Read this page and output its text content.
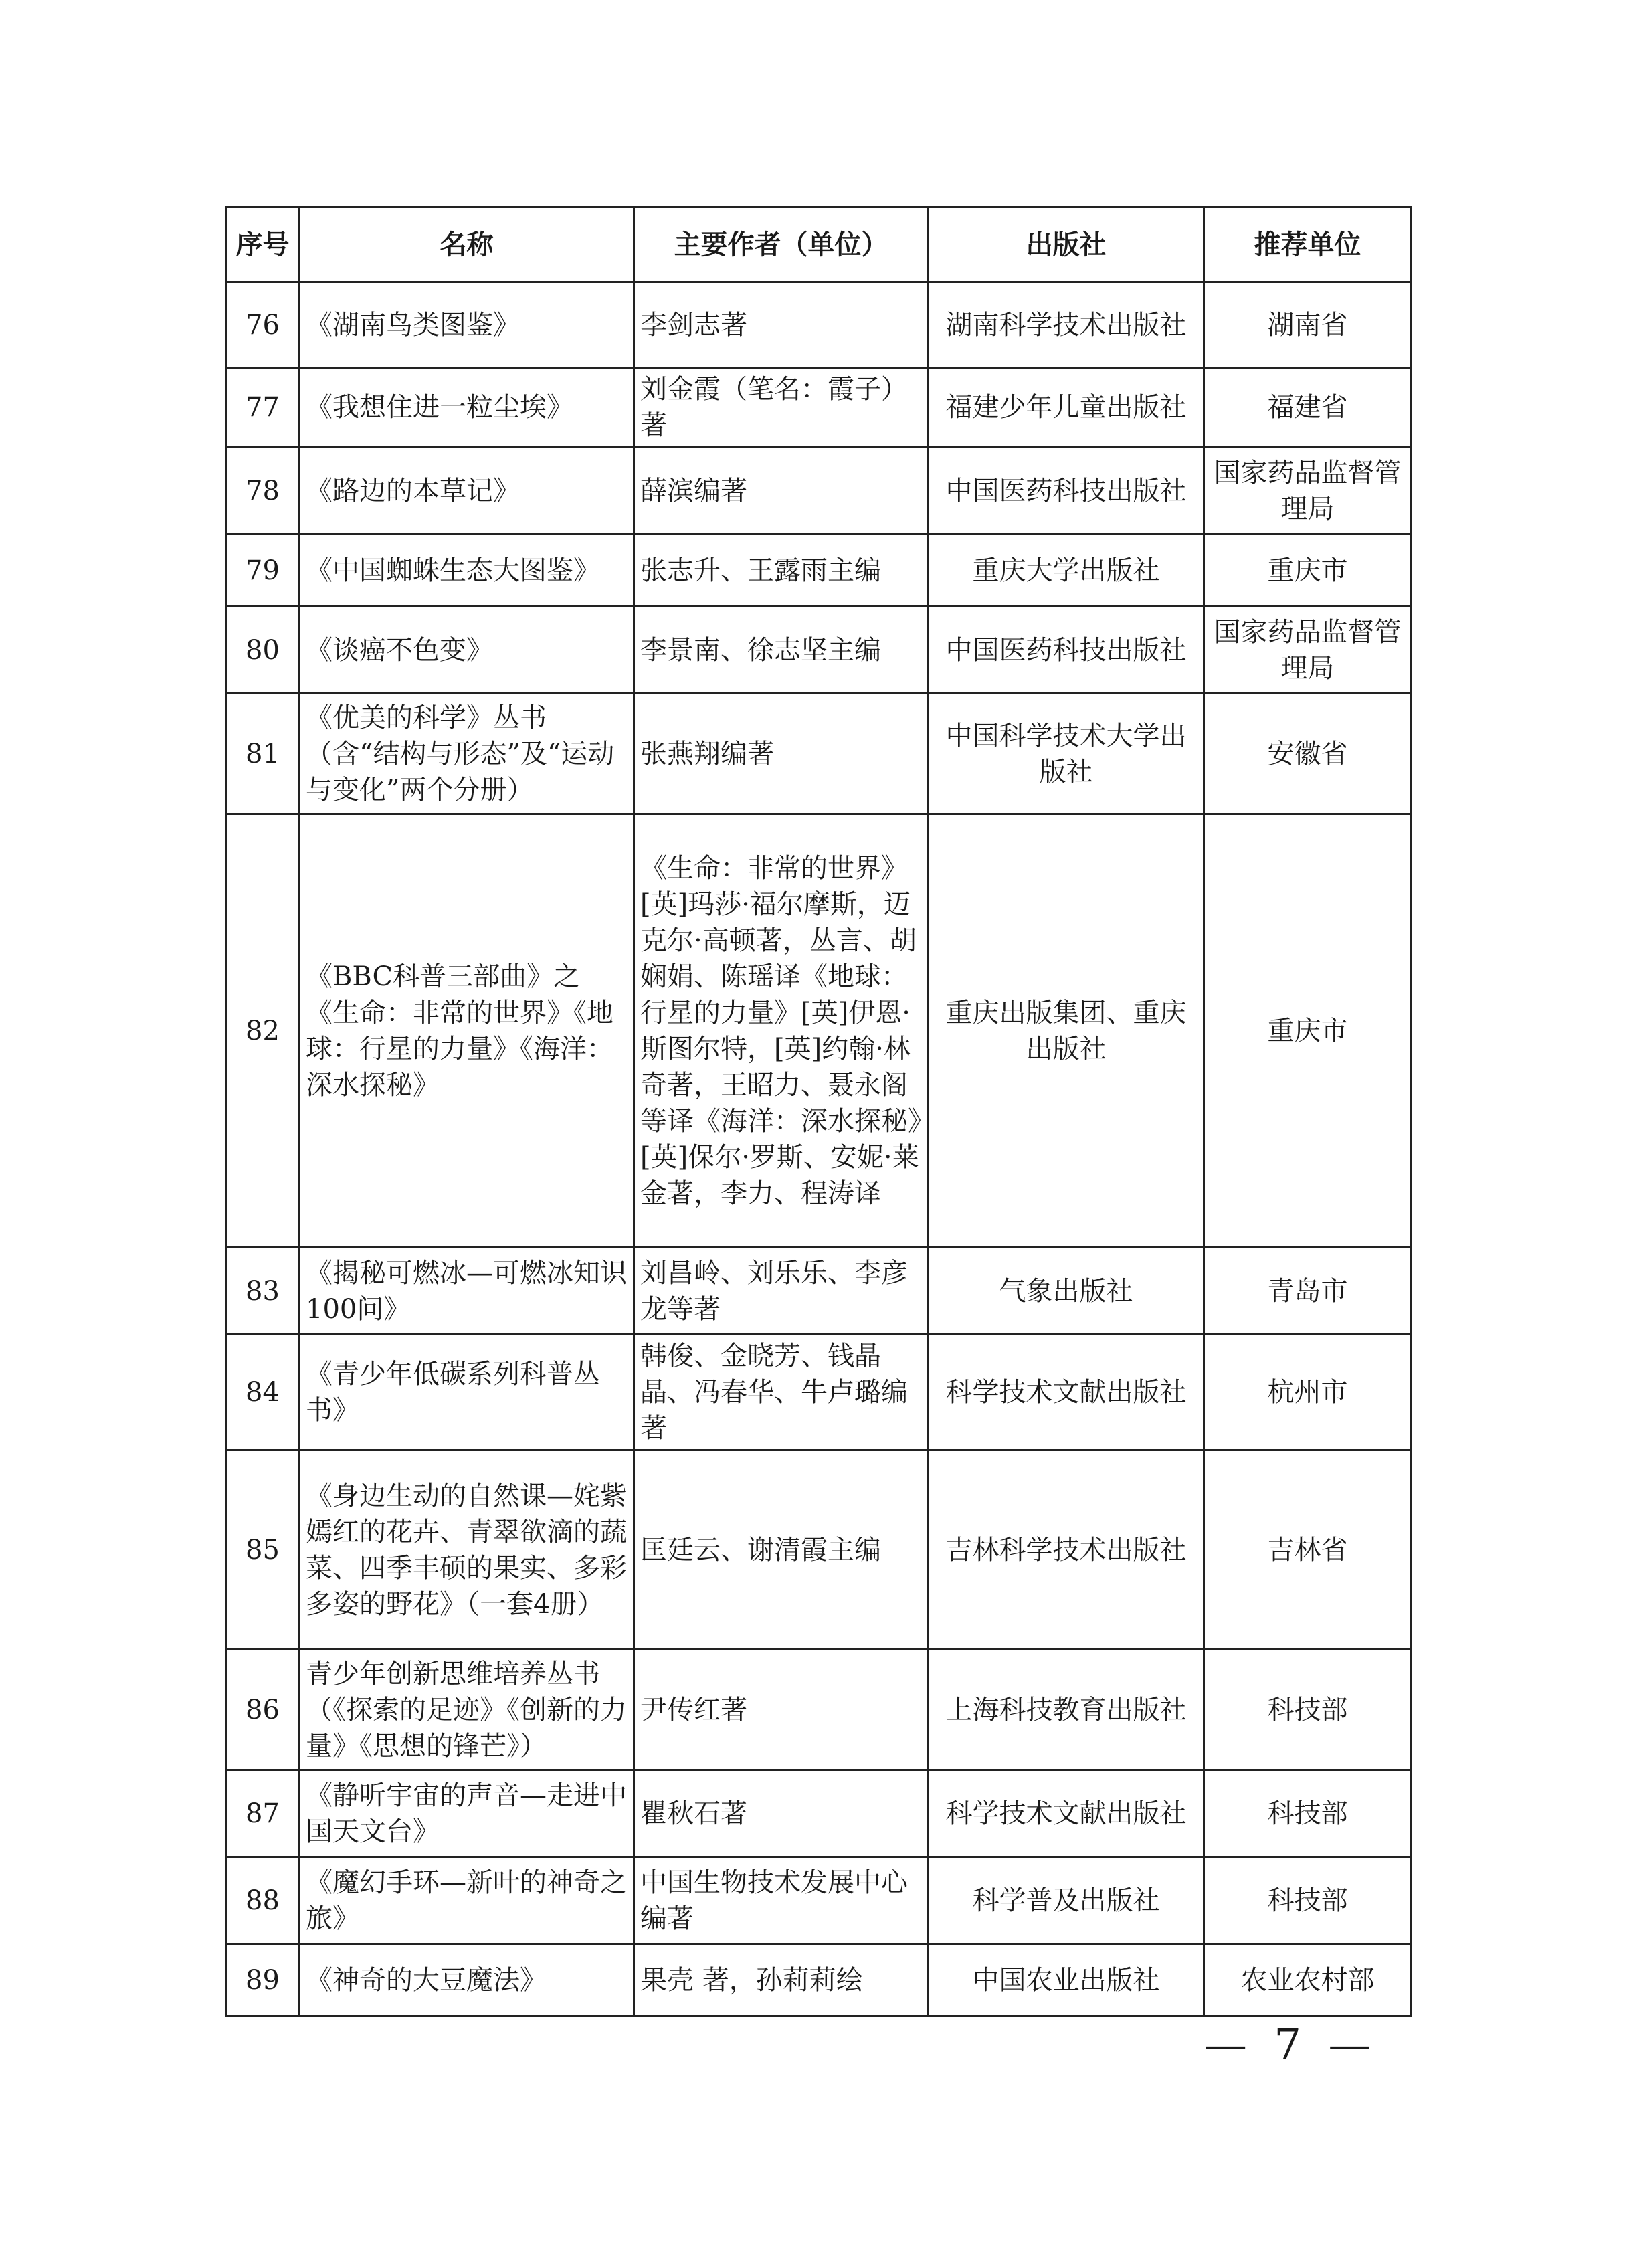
序号	名称	主要作者（单位）	出版社	推荐单位
76	《湖南鸟类图鉴》	李剑志著	湖南科学技术出版社	湖南省
77	《我想住进一粒尘埃》	刘金霞（笔名：霞子）著	福建少年儿童出版社	福建省
78	《路边的本草记》	薛滨编著	中国医药科技出版社	国家药品监督管理局
79	《中国蜘蛛生态大图鉴》	张志升、王露雨主编	重庆大学出版社	重庆市
80	《谈癌不色变》	李景南、徐志坚主编	中国医药科技出版社	国家药品监督管理局
81	《优美的科学》丛书（含“结构与形态”及“运动与变化”两个分册）	张燕翔编著	中国科学技术大学出版社	安徽省
82	《BBC科普三部曲》之《生命：非常的世界》《地球：行星的力量》《海洋：深水探秘》	《生命：非常的世界》[英]玛莎·福尔摩斯，迈克尔·高顿著，丛言、胡娴娟、陈瑶译《地球：行星的力量》[英]伊恩·斯图尔特，[英]约翰·林奇著，王昭力、聂永阁等译《海洋：深水探秘》[英]保尔·罗斯、安妮·莱金著，李力、程涛译	重庆出版集团、重庆出版社	重庆市
83	《揭秘可燃冰—可燃冰知识100问》	刘昌岭、刘乐乐、李彦龙等著	气象出版社	青岛市
84	《青少年低碳系列科普丛书》	韩俊、金晓芳、钱晶晶、冯春华、牛卢璐编著	科学技术文献出版社	杭州市
85	《身边生动的自然课—姹紫嫣红的花卉、青翠欲滴的蔬菜、四季丰硕的果实、多彩多姿的野花》（一套4册）	匡廷云、谢清霞主编	吉林科学技术出版社	吉林省
86	青少年创新思维培养丛书（《探索的足迹》《创新的力量》《思想的锋芒》）	尹传红著	上海科技教育出版社	科技部
87	《静听宇宙的声音—走进中国天文台》	瞿秋石著	科学技术文献出版社	科技部
88	《魔幻手环—新叶的神奇之旅》	中国生物技术发展中心编著	科学普及出版社	科技部
89	《神奇的大豆魔法》	果壳 著，孙莉莉绘	中国农业出版社	农业农村部
— 7 —
